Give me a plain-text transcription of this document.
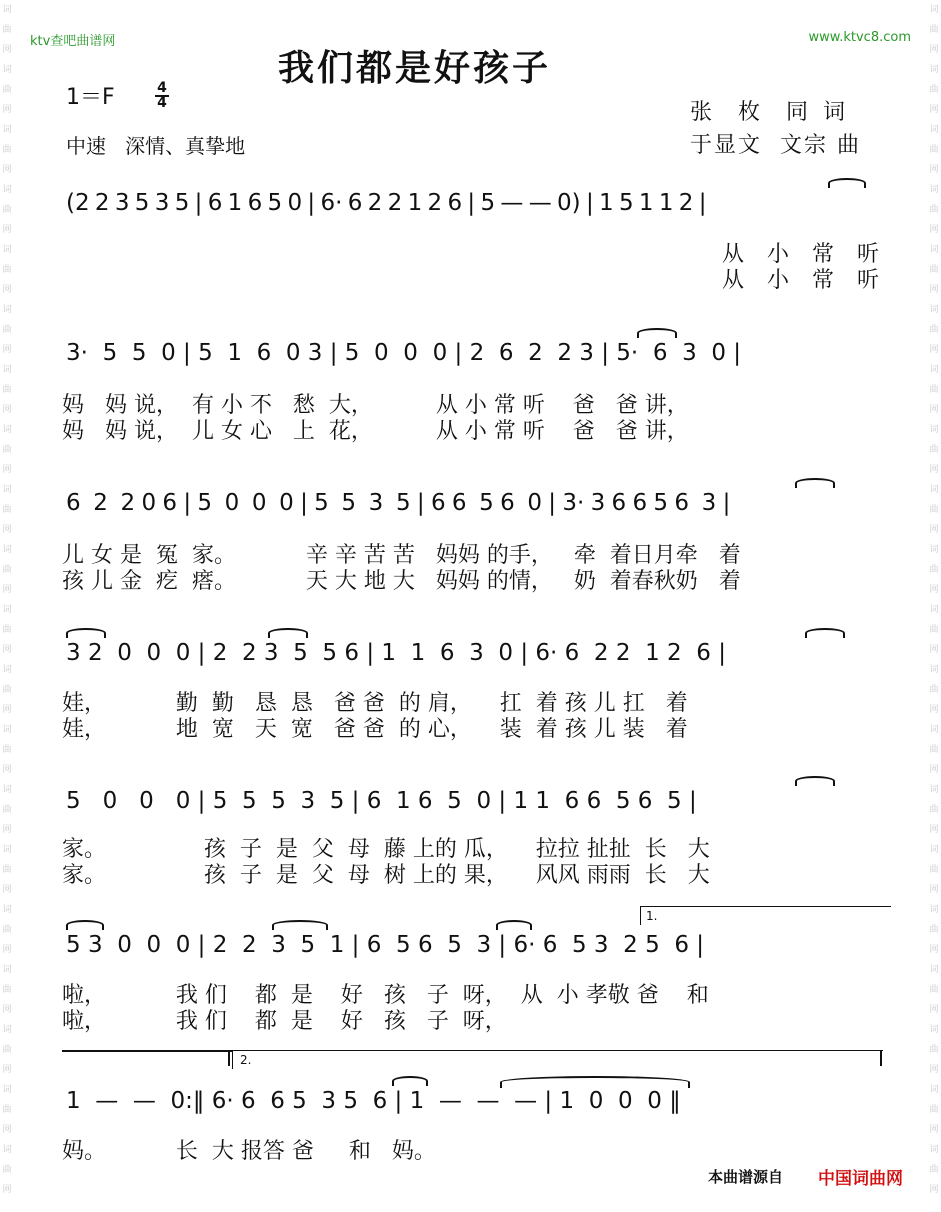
词曲网
词曲网
词曲网
词曲网
词曲网
词曲网
词曲网
词曲网
词曲网
词曲网
词曲网
词曲网
词曲网
词曲网
词曲网
词曲网
词曲网
词曲网
词曲网
词曲网
词曲网
词曲网
词曲网
词曲网
词曲网
词曲网
词曲网
词曲网
词曲网
词曲网
词曲网
词曲网
词曲网
词曲网
词曲网
词曲网
词曲网
词曲网
词曲网
词曲网
ktv查吧曲谱网	www.ktvc8.com
我们都是好孩子
1＝F	4
4	张  枚  同 词
于显文  文宗 曲
中速   深情、真挚地
(2 2 3 5 3 5 | 6 1 6 5 0 | 6· 6 2 2 1 2 6 | 5 — — 0) | 1 5 1 1 2 |
从 小 常 听
从 小 常 听
3·  5  5  0 | 5  1  6  0 3 | 5  0  0  0 | 2  6  2  2 3 | 5·  6  3  0 |
妈   妈 说，  有 小 不   愁  大，         从 小 常 听    爸   爸 讲，
妈   妈 说，  儿 女 心   上  花，         从 小 常 听    爸   爸 讲，
6  2  2 0 6 | 5  0  0  0 | 5  5  3  5 | 6 6  5 6  0 | 3· 3 6 6 5 6  3 |
儿 女 是  冤  家。          辛 辛 苦 苦   妈妈 的手，   牵  着日月牵   着
孩 儿 金  疙  瘩。          天 大 地 大   妈妈 的情，   奶  着春秋奶   着
3 2  0  0  0 | 2  2 3  5  5 6 | 1  1  6  3  0 | 6· 6  2 2  1 2  6 |
娃，          勤  勤   恳  恳   爸 爸  的 肩，    扛  着 孩 儿 扛   着
娃，          地  宽   天  宽   爸 爸  的 心，    装  着 孩 儿 装   着
5   0   0   0 | 5  5  5  3  5 | 6  1 6  5  0 | 1 1  6 6  5 6  5 |
家。              孩  子  是  父  母  藤 上的 瓜，    拉拉 扯扯  长   大
家。              孩  子  是  父  母  树 上的 果，    风风 雨雨  长   大
5 3  0  0  0 | 2  2  3  5  1 | 6  5 6  5  3 | 6· 6  5 3  2 5  6 |
啦，          我 们    都  是    好   孩   子  呀，  从  小 孝敬 爸    和
啦，          我 们    都  是    好   孩   子  呀，
1.
2.
1  —  —  0:‖ 6· 6  6 5  3 5  6 | 1  —  —  — | 1  0  0  0 ‖
妈。          长  大 报答 爸     和   妈。
本曲谱源自 中国词曲网
